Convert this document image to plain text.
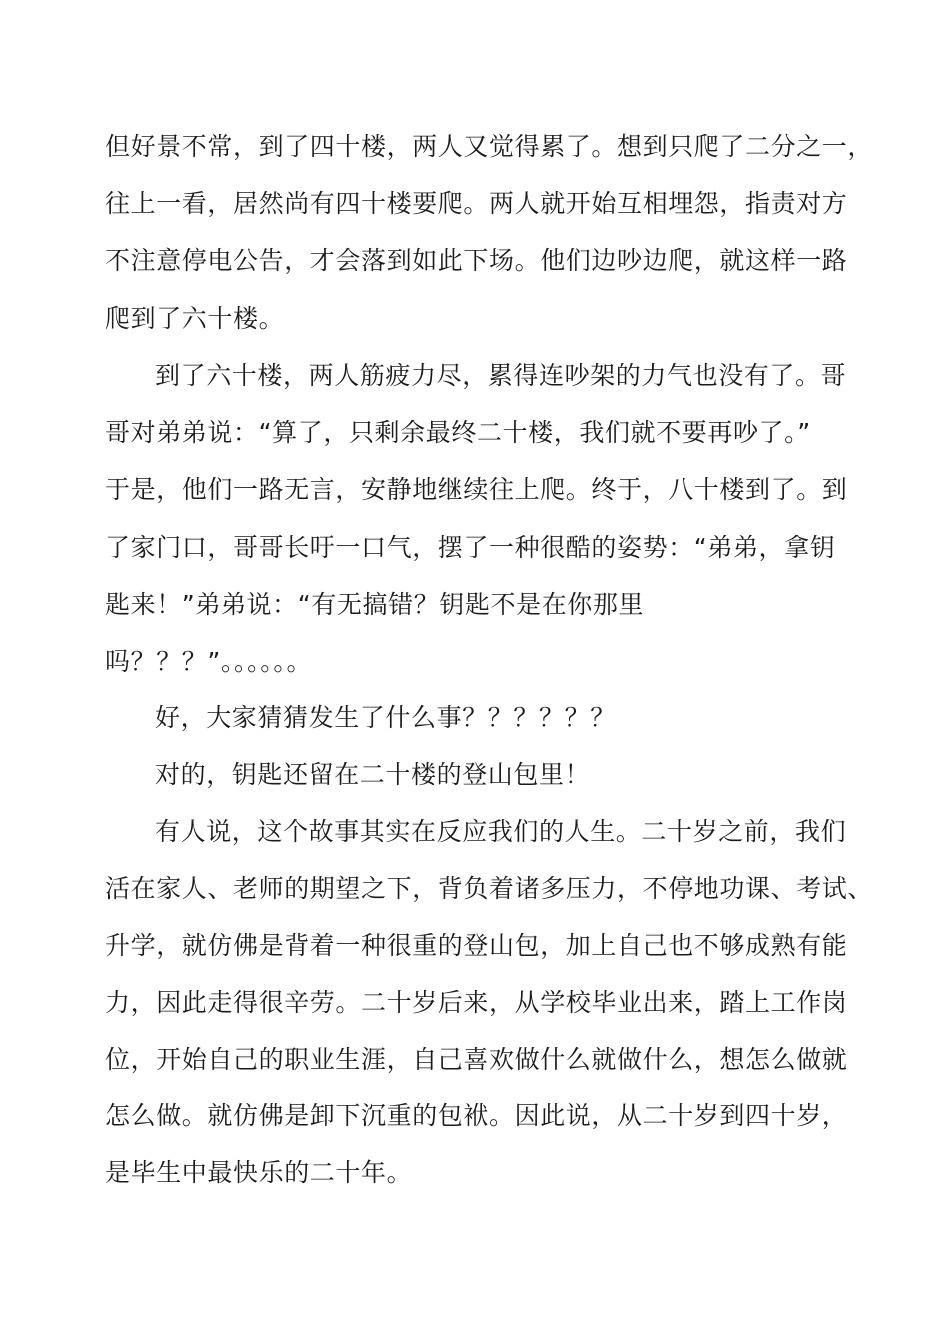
但好景不常，到了四十楼，两人又觉得累了。想到只爬了二分之一，
往上一看，居然尚有四十楼要爬。两人就开始互相埋怨，指责对方
不注意停电公告，才会落到如此下场。他们边吵边爬，就这样一路
爬到了六十楼。
到了六十楼，两人筋疲力尽，累得连吵架的力气也没有了。哥
哥对弟弟说：“算了，只剩余最终二十楼，我们就不要再吵了。”
于是，他们一路无言，安静地继续往上爬。终于，八十楼到了。到
了家门口，哥哥长吁一口气，摆了一种很酷的姿势：“弟弟，拿钥
匙来！”弟弟说：“有无搞错？钥匙不是在你那里
吗？？？”。。。。。。
好，大家猜猜发生了什么事？？？？？？
对的，钥匙还留在二十楼的登山包里！
有人说，这个故事其实在反应我们的人生。二十岁之前，我们
活在家人、老师的期望之下，背负着诸多压力，不停地功课、考试、
升学，就仿佛是背着一种很重的登山包，加上自己也不够成熟有能
力，因此走得很辛劳。二十岁后来，从学校毕业出来，踏上工作岗
位，开始自己的职业生涯，自己喜欢做什么就做什么，想怎么做就
怎么做。就仿佛是卸下沉重的包袱。因此说，从二十岁到四十岁，
是毕生中最快乐的二十年。
